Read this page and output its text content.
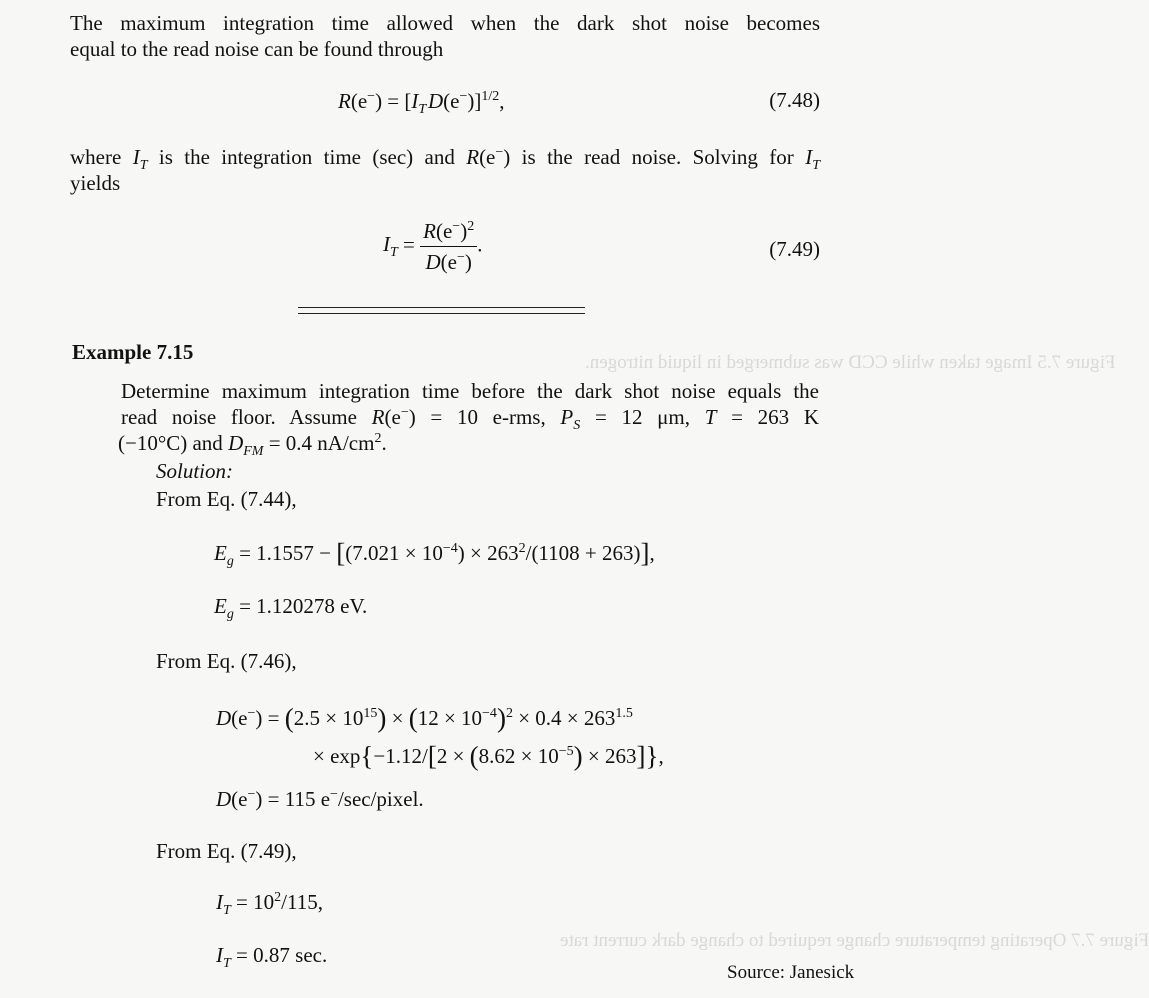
Figure 7.5 Image taken while CCD was submerged in liquid nitrogen.
Figure 7.7 Operating temperature change required to change dark current rate
The maximum integration time allowed when the dark shot noise becomes
equal to the read noise can be found through
$R(e^-) = [I_T$ D(e−)]$^{1/2}$,	(7.48)
where $I_T$ is the integration time (sec) and R(e−) is the read noise. Solving for $I_T$
yields
$I_T = \frac{R(e^-)^2}{D(e^-)}$ .	(7.49)
Example 7.15
Determine maximum integration time before the dark shot noise equals the
read noise floor. Assume R(e−) = 10 e-rms, $P_S = 12$ μm, T = 263 K
(−10°C) and $D_{FM} = 0.4$ $nA/cm^2$.
Solution:
From Eq. (7.44),
$E_g = 1.1557 - [(7.021 \times 10^{-4}) \times 263^2/(1108 + 263)]$,
$E_g = 1.120278$ eV.
From Eq. (7.46),
$D(e^-) = (2.5 \times 10^{15}) \times (12 \times 10^{-4})^2 \times 0.4 \times 263^{1.5}$
× $\exp\{-1.12/[2 \times (8.62 \times 10^{-5}) \times 263]\}$,
D(e−) = 115 e−/sec/pixel.
From Eq. (7.49),
$I_T = 10^2/115$,
$I_T = 0.87$ sec.
Source: Janesick
